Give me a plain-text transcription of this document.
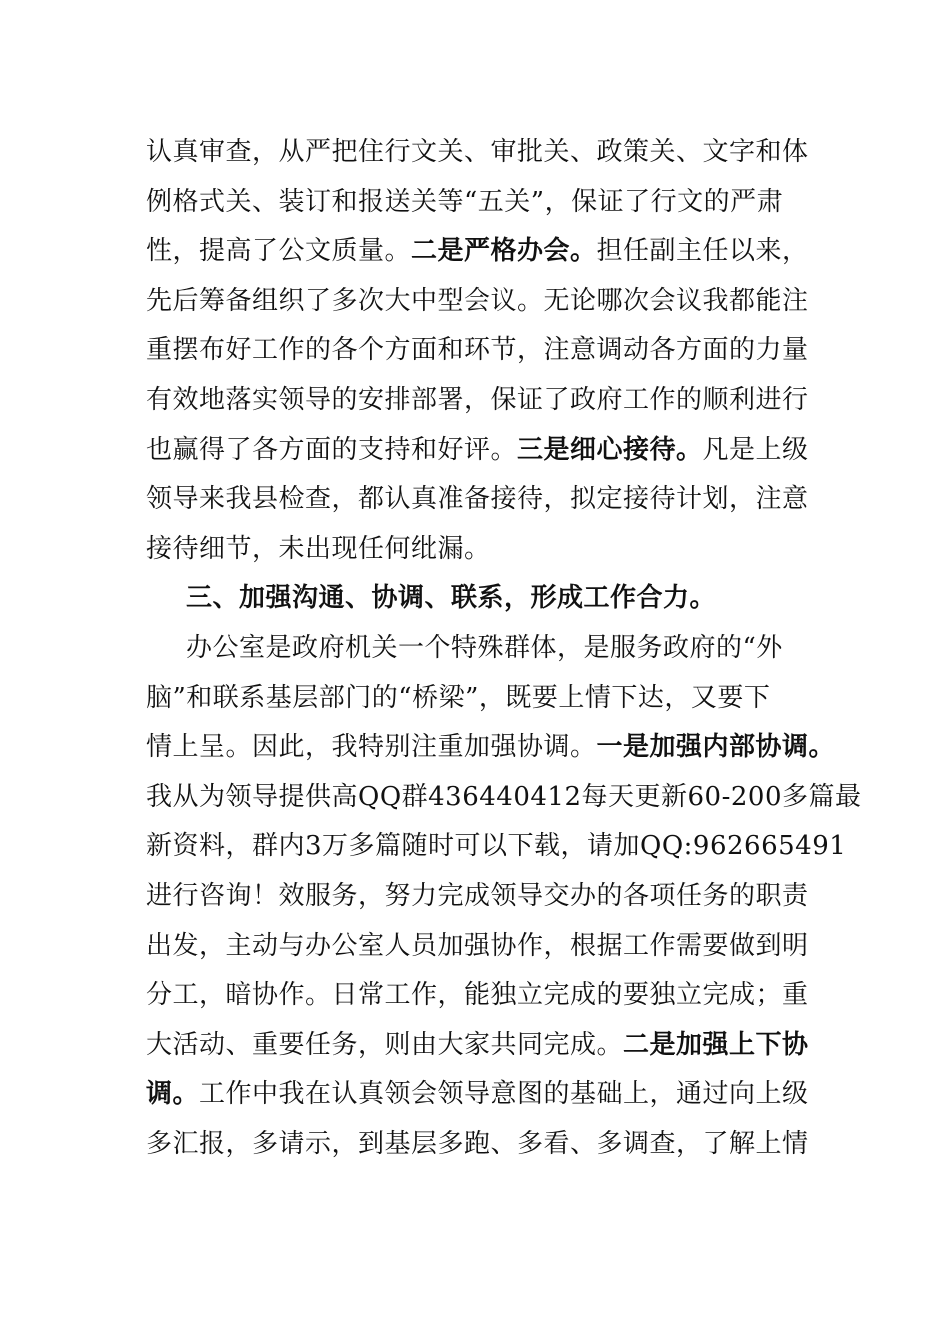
认真审查，从严把住行文关、审批关、政策关、文字和体
例格式关、装订和报送关等“五关”，保证了行文的严肃
性，提高了公文质量。二是严格办会。担任副主任以来，
先后筹备组织了多次大中型会议。无论哪次会议我都能注
重摆布好工作的各个方面和环节，注意调动各方面的力量
有效地落实领导的安排部署，保证了政府工作的顺利进行
也赢得了各方面的支持和好评。三是细心接待。凡是上级
领导来我县检查，都认真准备接待，拟定接待计划，注意
接待细节，未出现任何纰漏。
三、加强沟通、协调、联系，形成工作合力。
办公室是政府机关一个特殊群体，是服务政府的“外
脑”和联系基层部门的“桥梁”，既要上情下达，又要下
情上呈。因此，我特别注重加强协调。一是加强内部协调。
我从为领导提供高QQ群436440412每天更新60-200多篇最
新资料，群内3万多篇随时可以下载，请加QQ:962665491
进行咨询！效服务，努力完成领导交办的各项任务的职责
出发，主动与办公室人员加强协作，根据工作需要做到明
分工，暗协作。日常工作，能独立完成的要独立完成；重
大活动、重要任务，则由大家共同完成。二是加强上下协
调。工作中我在认真领会领导意图的基础上，通过向上级
多汇报，多请示，到基层多跑、多看、多调查，了解上情
